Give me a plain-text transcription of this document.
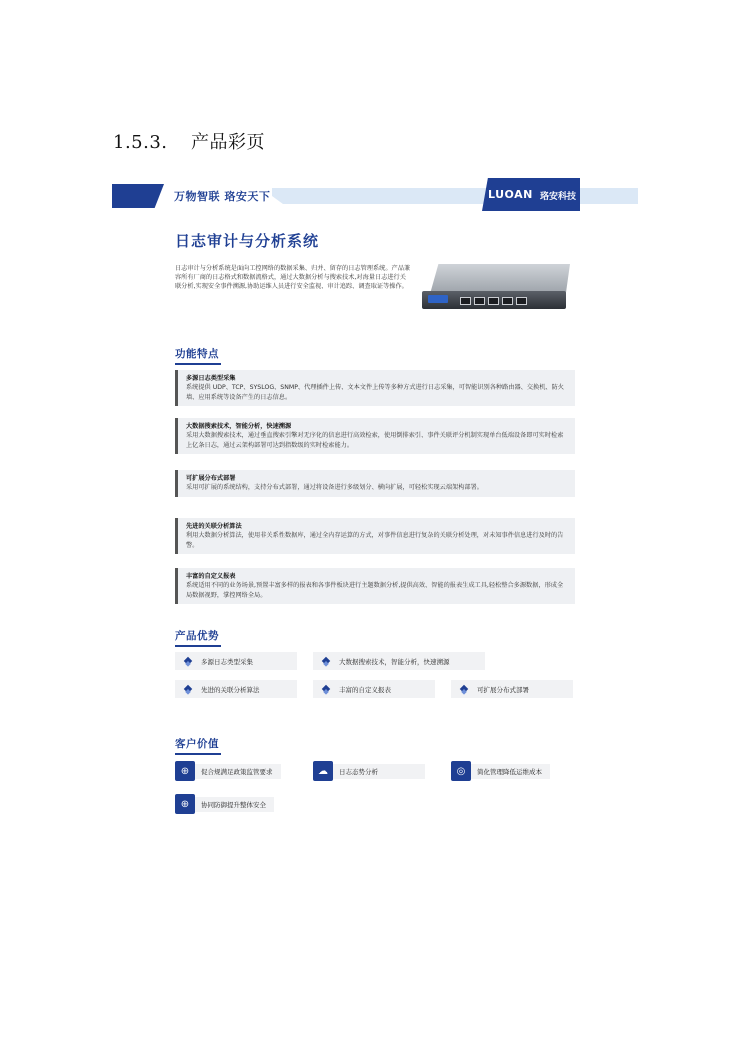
1.5.3. 产品彩页
万物智联 珞安天下	LUOAN 珞安科技
日志审计与分析系统
日志审计与分析系统是面向工控网络的数据采集、归并、留存的日志管理系统。产品兼容所有厂商的日志格式和数据流格式，通过大数据分析与搜索技术,对海量日志进行关联分析,实现安全事件溯源,协助运维人员进行安全监视、审计追踪、调查取证等操作。
功能特点
多源日志类型采集
系统提供 UDP、TCP、SYSLOG、SNMP、代理插件上传、文本文件上传等多种方式进行日志采集，可智能识别各种路由器、交换机、防火墙、应用系统等设备产生的日志信息。
大数据搜索技术，智能分析，快速溯源
采用大数据搜索技术，通过垂直搜索引擎对无序化的信息进行高效检索，使用倒排索引、事件关联评分机制实现单台低端设备即可实时检索上亿条日志，通过云架构部署可达到指数级的实时检索能力。
可扩展分布式部署
采用可扩展的系统结构，支持分布式部署，通过将设备进行多级划分、横向扩展，可轻松实现云端架构部署。
先进的关联分析算法
利用大数据分析算法，使用非关系性数据库，通过全内存运算的方式，对事件信息进行复杂的关联分析处理，对未知事件信息进行及时的告警。
丰富的自定义报表
系统适用不同的业务场景,预置丰富多样的报表和各事件板块进行主题数据分析,提供高效、智能的报表生成工具,轻松整合多源数据，形成全局数据视野，掌控网络全局。
产品优势
多源日志类型采集	大数据搜索技术，智能分析，快速溯源
先进的关联分析算法	丰富的自定义报表	可扩展分布式部署
客户价值
⊕	促合规满足政策监管要求	☁	日志态势分析	◎	简化管理降低运维成本
⊕	协同防御提升整体安全
